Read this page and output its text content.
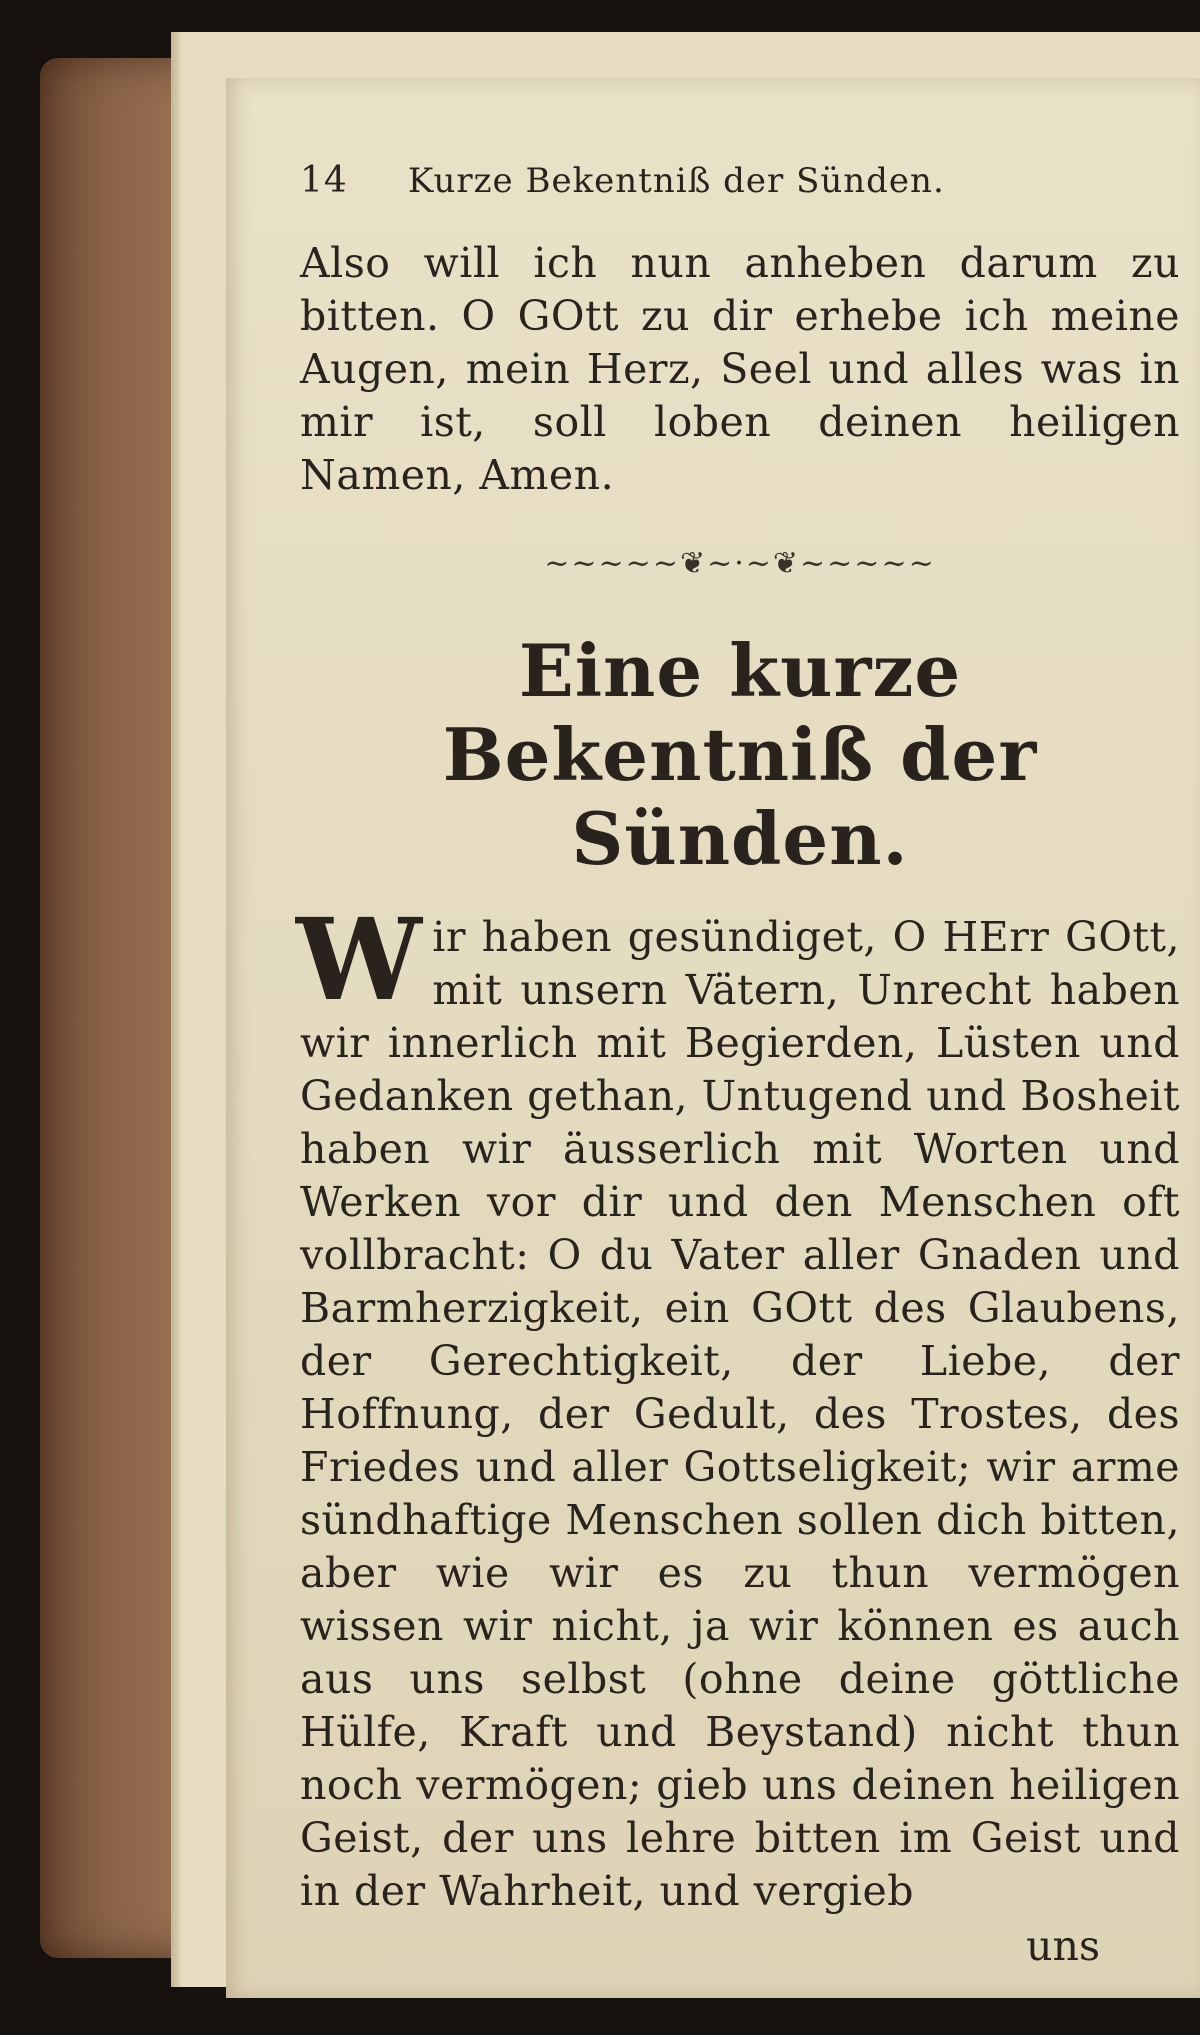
14 Kurze Bekentniß der Sünden.

Also will ich nun anheben darum zu bitten. O GOtt zu dir erhebe ich meine Augen, mein Herz, Seel und alles was in mir ist, soll loben deinen heiligen Namen, Amen.

~~~~~❦~·~❦~~~~~
Eine kurze Bekentniß der Sünden.

Wir haben gesündiget, O HErr GOtt, mit unsern Vätern, Unrecht haben wir innerlich mit Begierden, Lüsten und Gedanken gethan, Untugend und Bosheit haben wir äusserlich mit Worten und Werken vor dir und den Menschen oft vollbracht: O du Vater aller Gnaden und Barmherzigkeit, ein GOtt des Glaubens, der Gerechtigkeit, der Liebe, der Hoffnung, der Gedult, des Trostes, des Friedes und aller Gottseligkeit; wir arme sündhaftige Menschen sollen dich bitten, aber wie wir es zu thun vermögen wissen wir nicht, ja wir können es auch aus uns selbst (ohne deine göttliche Hülfe, Kraft und Beystand) nicht thun noch vermögen; gieb uns deinen heiligen Geist, der uns lehre bitten im Geist und in der Wahrheit, und vergieb

uns
